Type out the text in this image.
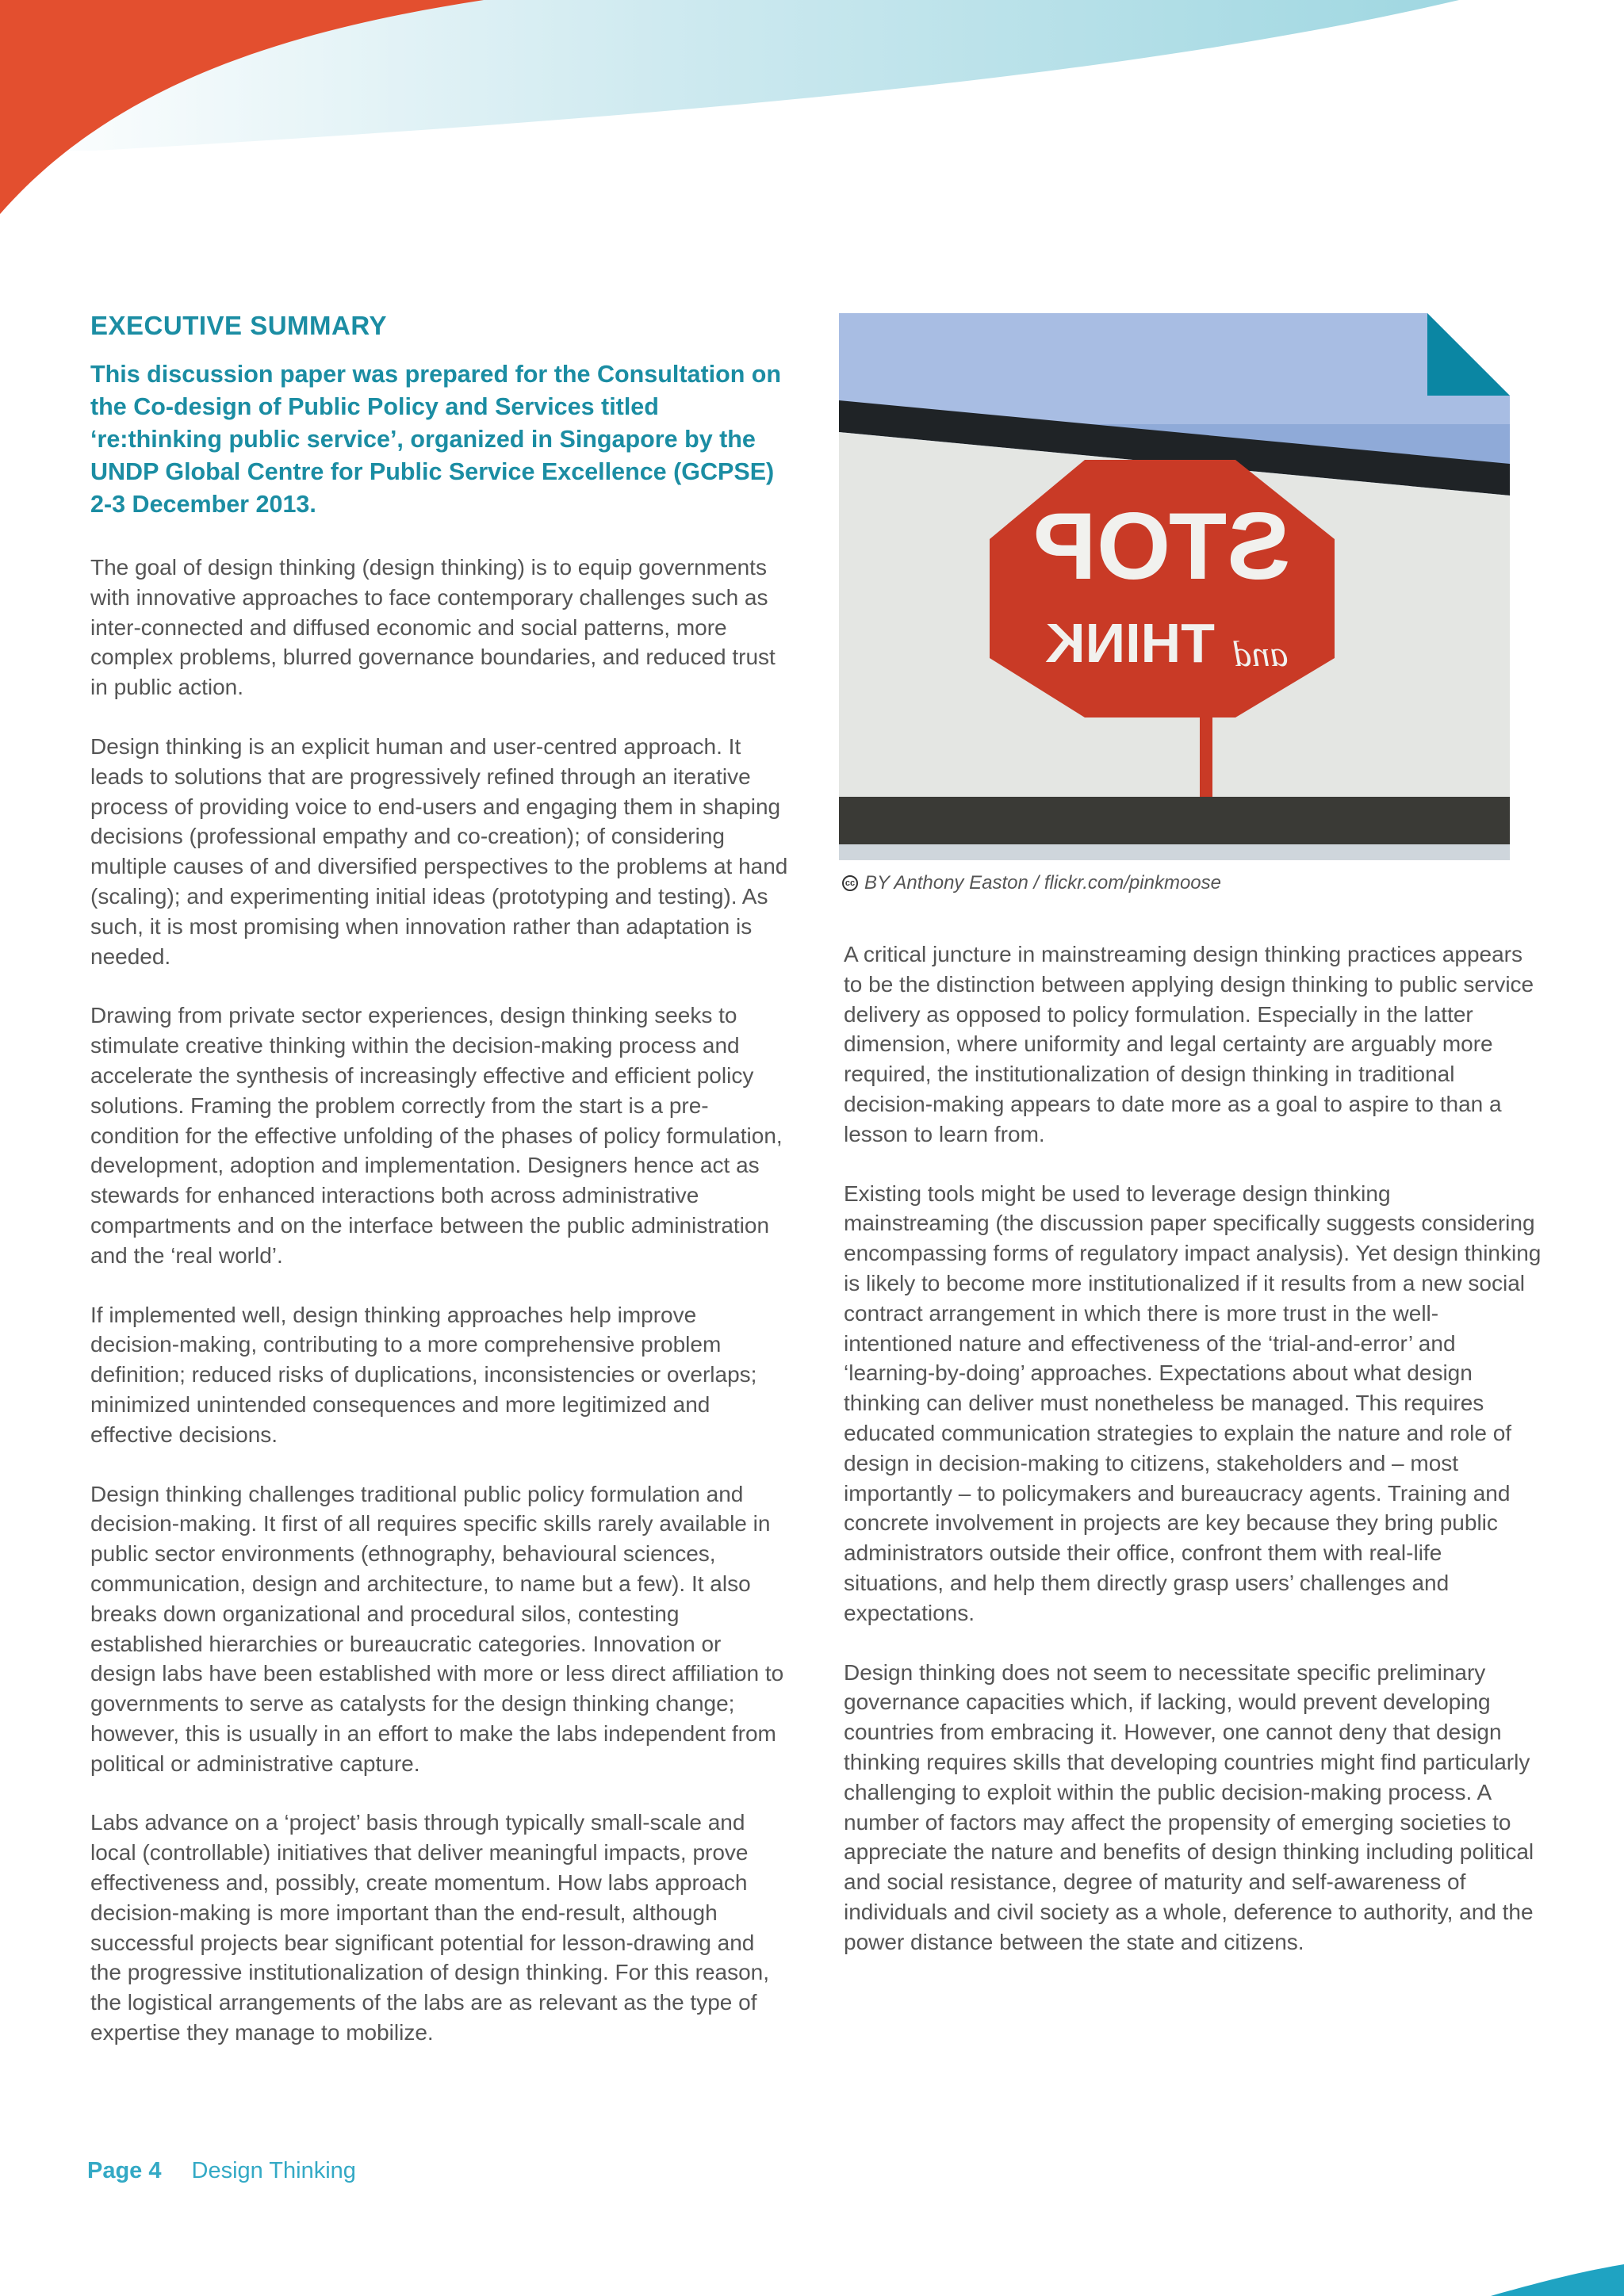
EXECUTIVE SUMMARY

This discussion paper was prepared for the Consultation on the Co-design of Public Policy and Services titled ‘re:thinking public service’, organized in Singapore by the UNDP Global Centre for Public Service Excellence (GCPSE) 2-3 December 2013.

The goal of design thinking (design thinking) is to equip governments with innovative approaches to face contemporary challenges such as inter-connected and diffused economic and social patterns, more complex problems, blurred governance boundaries, and reduced trust in public action.

Design thinking is an explicit human and user-centred approach. It leads to solutions that are progressively refined through an iterative process of providing voice to end-users and engaging them in shaping decisions (professional empathy and co-creation); of considering multiple causes of and diversified perspectives to the problems at hand (scaling); and experimenting initial ideas (prototyping and testing). As such, it is most promising when innovation rather than adaptation is needed.

Drawing from private sector experiences, design thinking seeks to stimulate creative thinking within the decision-making process and accelerate the synthesis of increasingly effective and efficient policy solutions. Framing the problem correctly from the start is a pre-condition for the effective unfolding of the phases of policy formulation, development, adoption and implementation. Designers hence act as stewards for enhanced interactions both across administrative compartments and on the interface between the public administration and the ‘real world’.

If implemented well, design thinking approaches help improve decision-making, contributing to a more comprehensive problem definition; reduced risks of duplications, inconsistencies or overlaps; minimized unintended consequences and more legitimized and effective decisions.

Design thinking challenges traditional public policy formulation and decision-making. It first of all requires specific skills rarely available in public sector environments (ethnography, behavioural sciences, communication, design and architecture, to name but a few). It also breaks down organizational and procedural silos, contesting established hierarchies or bureaucratic categories. Innovation or design labs have been established with more or less direct affiliation to governments to serve as catalysts for the design thinking change; however, this is usually in an effort to make the labs independent from political or administrative capture.

Labs advance on a ‘project’ basis through typically small-scale and local (controllable) initiatives that deliver meaningful impacts, prove effectiveness and, possibly, create momentum. How labs approach decision-making is more important than the end-result, although successful projects bear significant potential for lesson-drawing and the progressive institutionalization of design thinking. For this reason, the logistical arrangements of the labs are as relevant as the type of expertise they manage to mobilize.

STOP
THINK and
cc BY Anthony Easton / flickr.com/pinkmoose

A critical juncture in mainstreaming design thinking practices appears to be the distinction between applying design thinking to public service delivery as opposed to policy formulation. Especially in the latter dimension, where uniformity and legal certainty are arguably more required, the institutionalization of design thinking in traditional decision-making appears to date more as a goal to aspire to than a lesson to learn from.

Existing tools might be used to leverage design thinking mainstreaming (the discussion paper specifically suggests considering encompassing forms of regulatory impact analysis). Yet design thinking is likely to become more institutionalized if it results from a new social contract arrangement in which there is more trust in the well-intentioned nature and effectiveness of the ‘trial-and-error’ and ‘learning-by-doing’ approaches. Expectations about what design thinking can deliver must nonetheless be managed. This requires educated communication strategies to explain the nature and role of design in decision-making to citizens, stakeholders and – most importantly – to policymakers and bureaucracy agents. Training and concrete involvement in projects are key because they bring public administrators outside their office, confront them with real-life situations, and help them directly grasp users’ challenges and expectations.

Design thinking does not seem to necessitate specific preliminary governance capacities which, if lacking, would prevent developing countries from embracing it. However, one cannot deny that design thinking requires skills that developing countries might find particularly challenging to exploit within the public decision-making process. A number of factors may affect the propensity of emerging societies to appreciate the nature and benefits of design thinking including political and social resistance, degree of maturity and self-awareness of individuals and civil society as a whole, deference to authority, and the power distance between the state and citizens.

Page 4 Design Thinking
